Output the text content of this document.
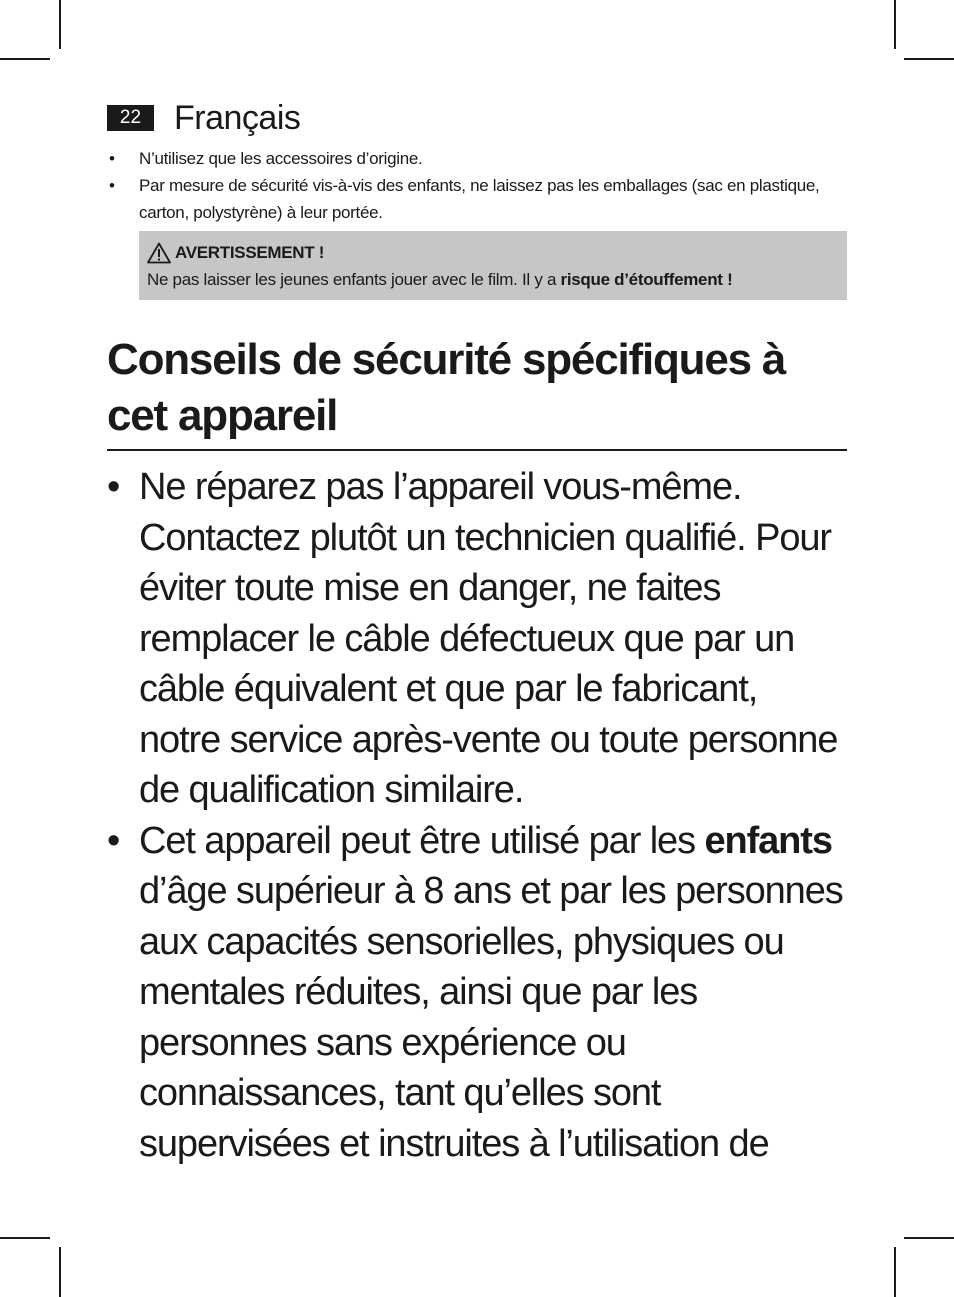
22 Français
• N’utilisez que les accessoires d’origine.
• Par mesure de sécurité vis-à-vis des enfants, ne laissez pas les emballages (sac en plastique, carton, polystyrène) à leur portée.
AVERTISSEMENT !
Ne pas laisser les jeunes enfants jouer avec le film. Il y a risque d’étouffement !
Conseils de sécurité spécifiques à cet appareil
• Ne réparez pas l’appareil vous-même. Contactez plutôt un technicien qualifié. Pour éviter toute mise en danger, ne faites remplacer le câble défectueux que par un câble équivalent et que par le fabricant, notre service après-vente ou toute personne de qualification similaire.
• Cet appareil peut être utilisé par les enfants d’âge supérieur à 8 ans et par les personnes aux capacités sensorielles, physiques ou mentales réduites, ainsi que par les personnes sans expérience ou connaissances, tant qu’elles sont supervisées et instruites à l’utilisation de
